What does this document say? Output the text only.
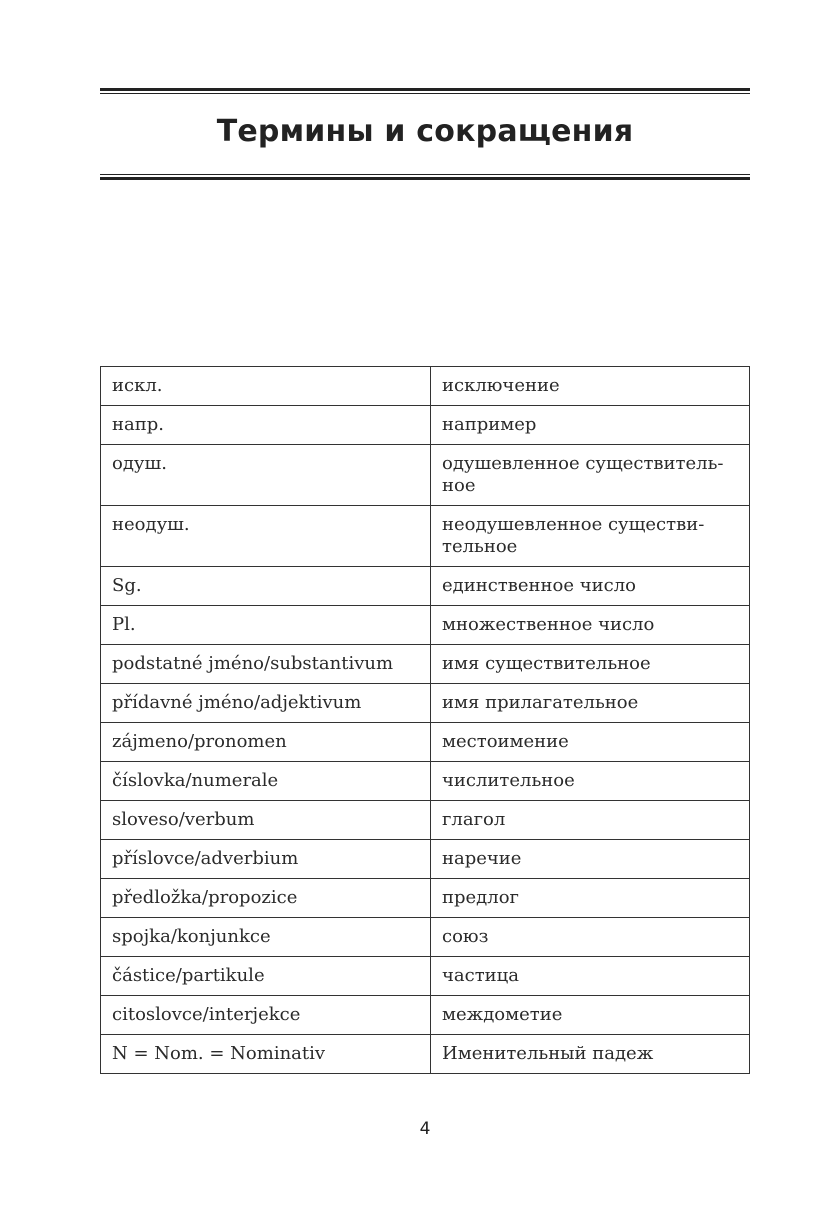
Термины и сокращения
искл.	исключение
напр.	например
одуш.	одушевленное существитель-
ное
неодуш.	неодушевленное существи-
тельное
Sg.	единственное число
Pl.	множественное число
podstatné jméno/substantivum	имя существительное
přídavné jméno/adjektivum	имя прилагательное
zájmeno/pronomen	местоимение
číslovka/numerale	числительное
sloveso/verbum	глагол
příslovce/adverbium	наречие
předložka/propozice	предлог
spojka/konjunkce	союз
částice/partikule	частица
citoslovce/interjekce	междометие
N = Nom. = Nominativ	Именительный падеж
4
